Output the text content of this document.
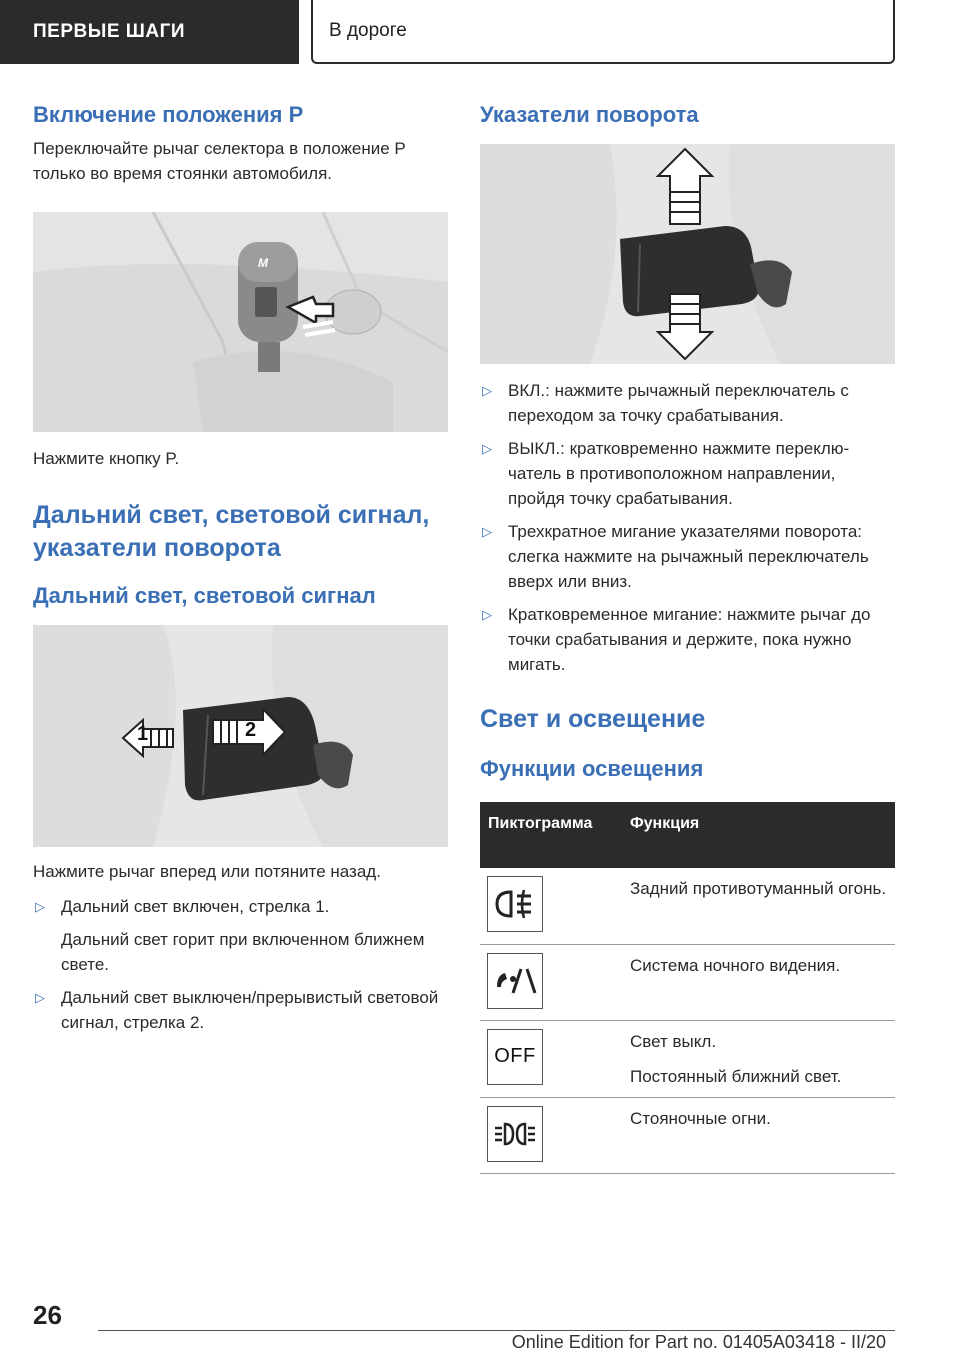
ПЕРВЫЕ ШАГИ	В дороге
Включение положения P

Переключайте рычаг селектора в положение P только во время стоянки автомобиля.

M

Нажмите кнопку P.

Дальний свет, световой сигнал, указатели поворота
Дальний свет, световой сигнал
1	2

Нажмите рычаг вперед или потяните назад.

▷ Дальний свет включен, стрелка 1.

Дальний свет горит при включенном ближнем свете.

▷ Дальний свет выключен/прерывистый световой сигнал, стрелка 2.
Указатели поворота
▷ ВКЛ.: нажмите рычажный переключатель с переходом за точку срабатывания.
▷ ВЫКЛ.: кратковременно нажмите переключатель в противоположном направлении, пройдя точку срабатывания.
▷ Трехкратное мигание указателями поворота: слегка нажмите на рычажный переключатель вверх или вниз.
▷ Кратковременное мигание: нажмите рычаг до точки срабатывания и держите, пока нужно мигать.
Свет и освещение
Функции освещения
Пиктограмма	Функция

	Задний противотуманный огонь.

	Система ночного видения.

OFF	Свет выкл.

Постоянный ближний свет.

	Стояночные огни.
26
Online Edition for Part no. 01405A03418 - II/20
